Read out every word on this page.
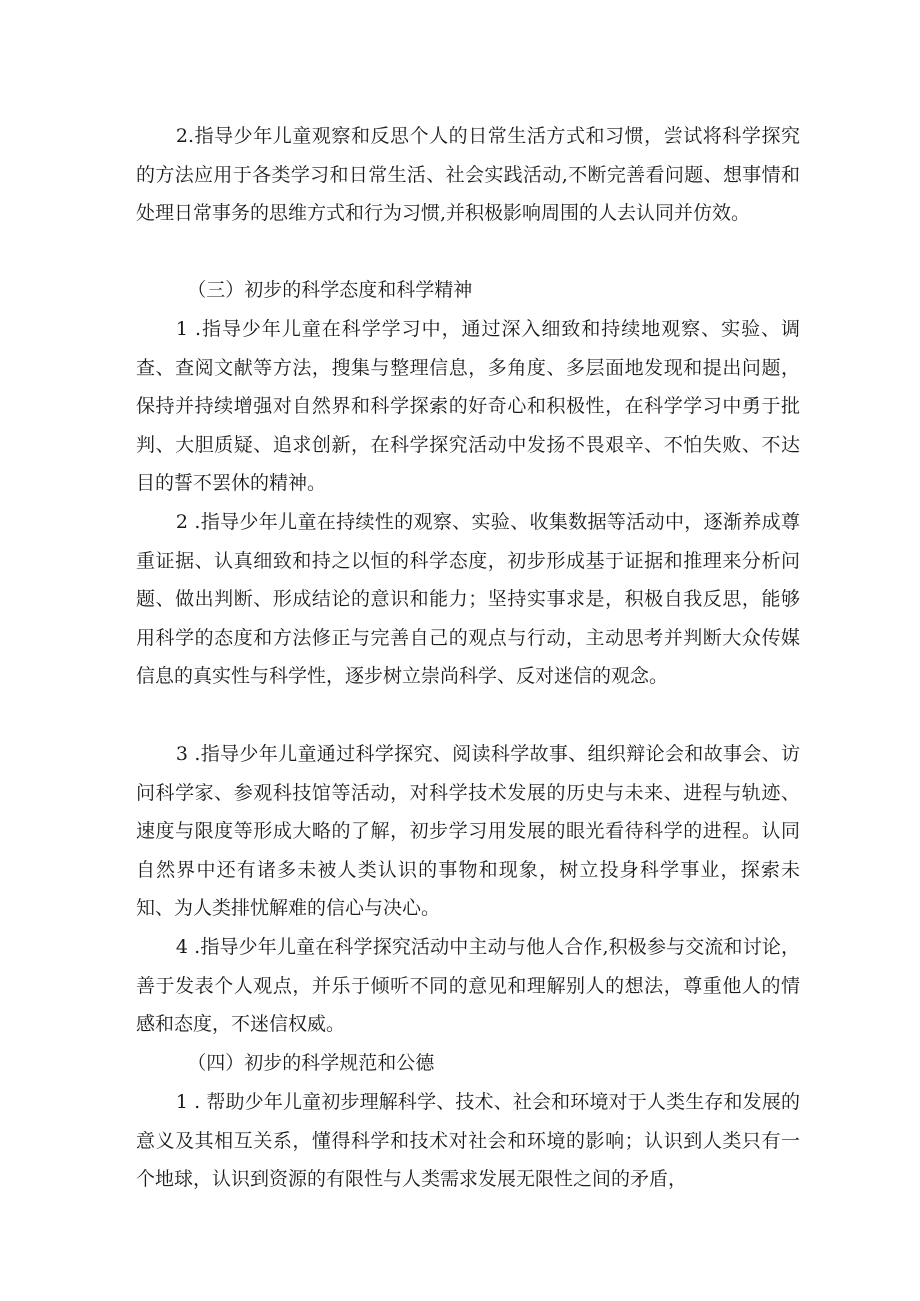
2.指导少年儿童观察和反思个人的日常生活方式和习惯，尝试将科学探究的方法应用于各类学习和日常生活、社会实践活动,不断完善看问题、想事情和处理日常事务的思维方式和行为习惯,并积极影响周围的人去认同并仿效。

（三）初步的科学态度和科学精神

1 .指导少年儿童在科学学习中，通过深入细致和持续地观察、实验、调查、查阅文献等方法，搜集与整理信息，多角度、多层面地发现和提出问题，保持并持续增强对自然界和科学探索的好奇心和积极性，在科学学习中勇于批判、大胆质疑、追求创新，在科学探究活动中发扬不畏艰辛、不怕失败、不达目的誓不罢休的精神。

2 .指导少年儿童在持续性的观察、实验、收集数据等活动中，逐渐养成尊重证据、认真细致和持之以恒的科学态度，初步形成基于证据和推理来分析问题、做出判断、形成结论的意识和能力；坚持实事求是，积极自我反思，能够用科学的态度和方法修正与完善自己的观点与行动，主动思考并判断大众传媒信息的真实性与科学性，逐步树立崇尚科学、反对迷信的观念。

3 .指导少年儿童通过科学探究、阅读科学故事、组织辩论会和故事会、访问科学家、参观科技馆等活动，对科学技术发展的历史与未来、进程与轨迹、速度与限度等形成大略的了解，初步学习用发展的眼光看待科学的进程。认同自然界中还有诸多未被人类认识的事物和现象，树立投身科学事业，探索未知、为人类排忧解难的信心与决心。

4 .指导少年儿童在科学探究活动中主动与他人合作,积极参与交流和讨论，善于发表个人观点，并乐于倾听不同的意见和理解别人的想法，尊重他人的情感和态度，不迷信权威。

（四）初步的科学规范和公德

1 . 帮助少年儿童初步理解科学、技术、社会和环境对于人类生存和发展的意义及其相互关系，懂得科学和技术对社会和环境的影响；认识到人类只有一个地球，认识到资源的有限性与人类需求发展无限性之间的矛盾，
